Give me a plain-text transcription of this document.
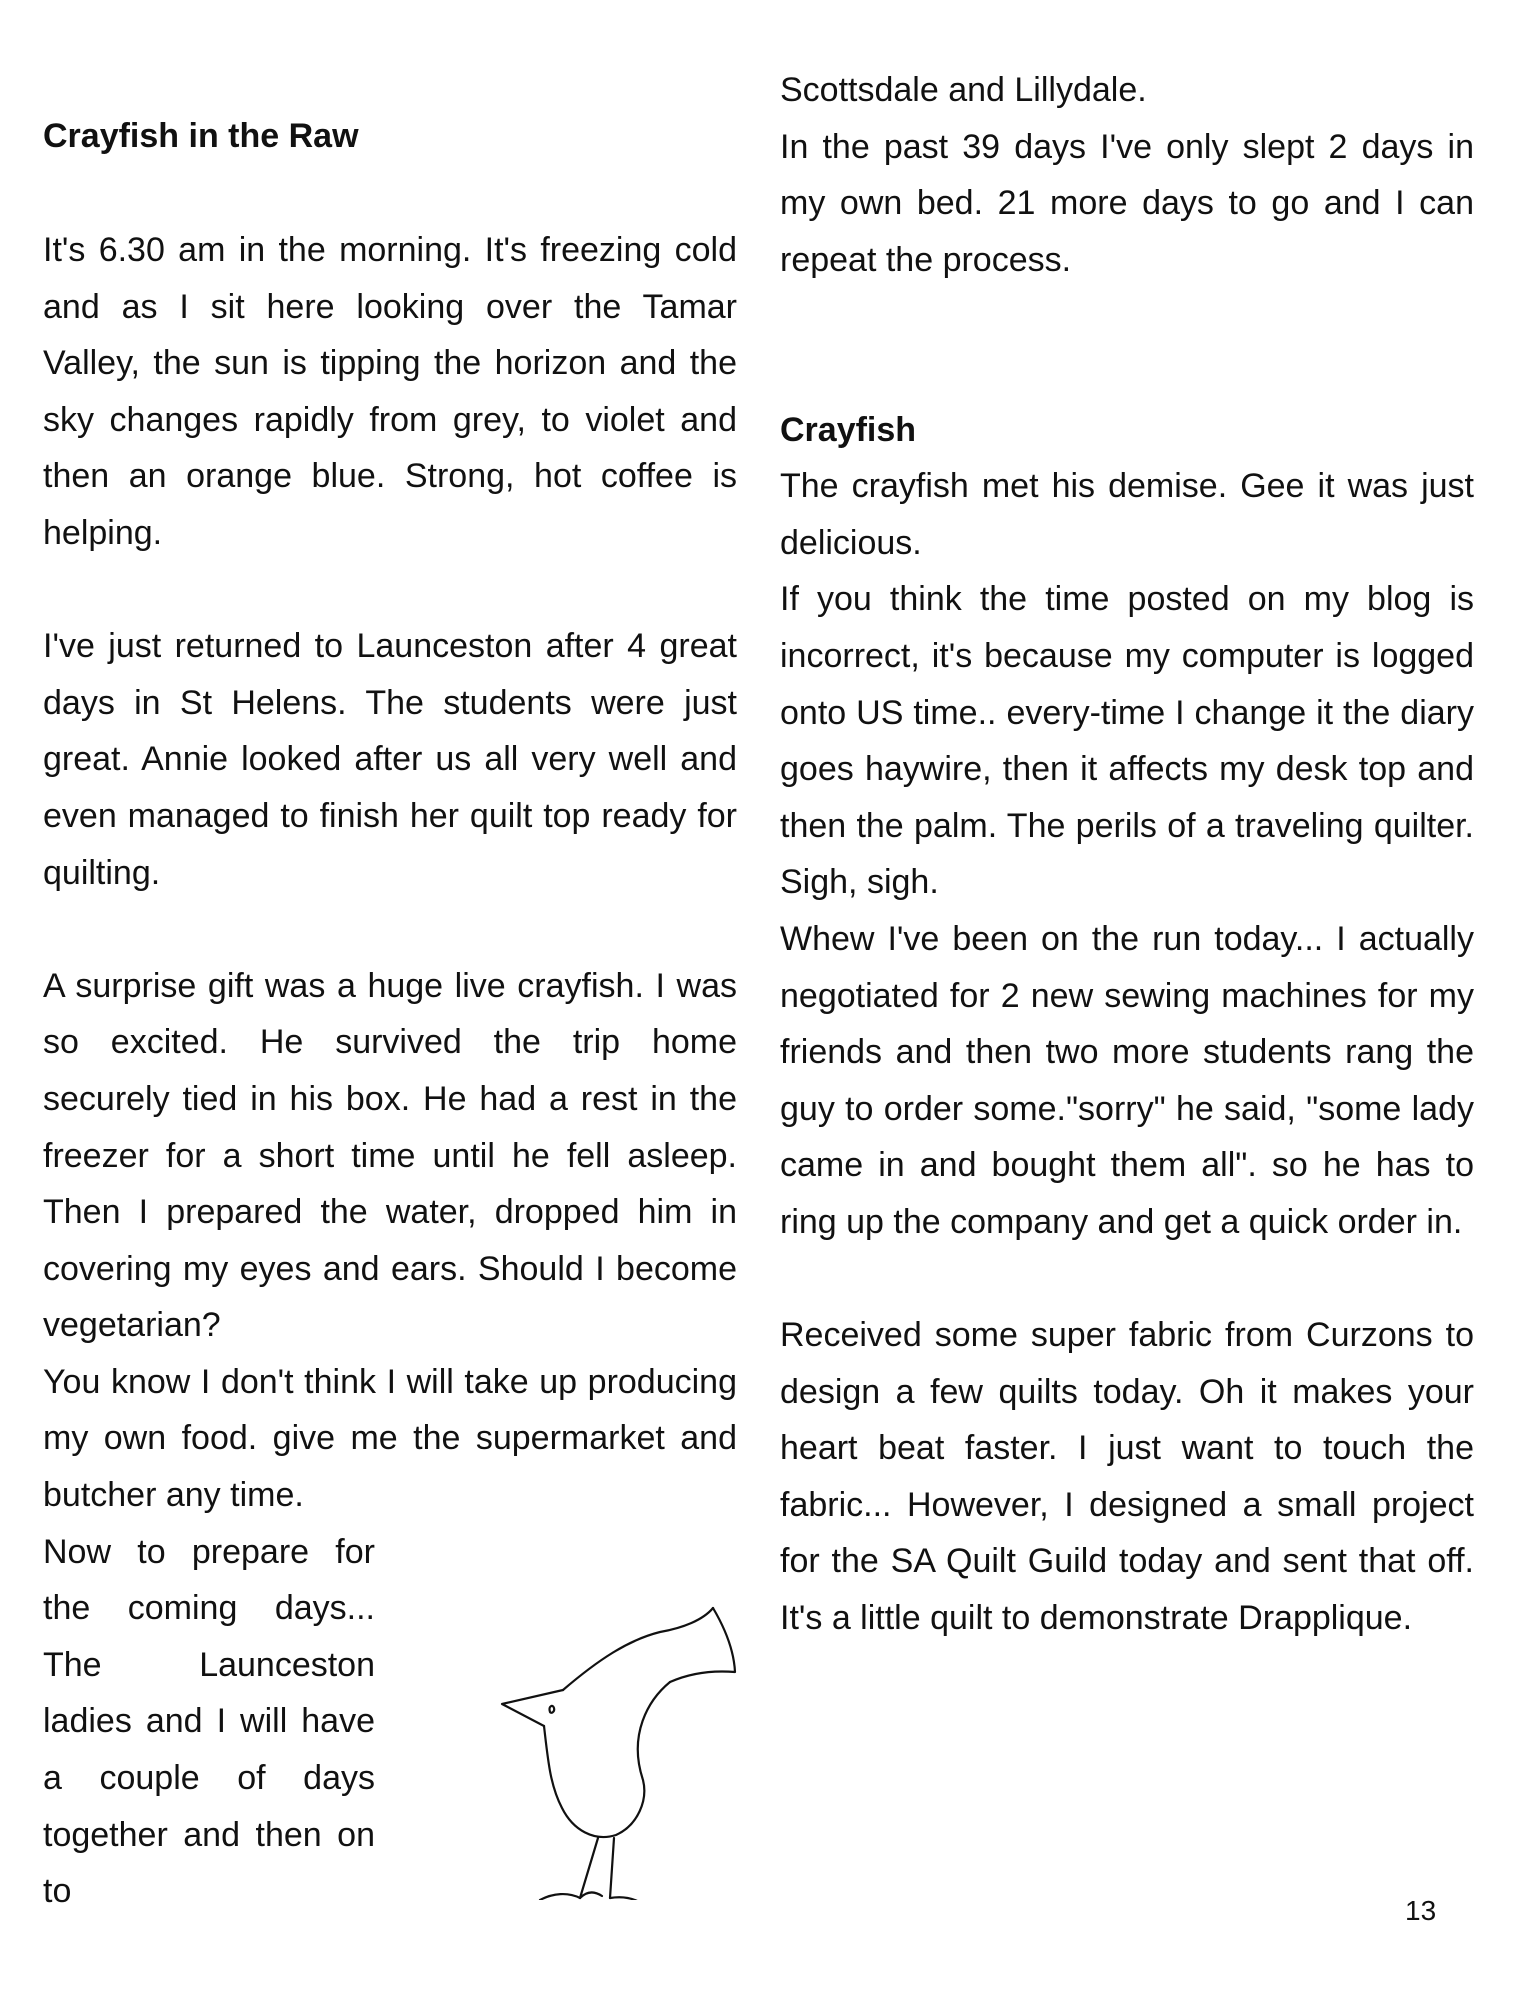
Crayfish in the Raw

It's 6.30 am in the morning. It's freezing cold and as I sit here looking over the Tamar Valley, the sun is tipping the horizon and the sky changes rapidly from grey, to violet and then an orange blue. Strong, hot coffee is helping.

I've just returned to Launceston after 4 great days in St Helens. The students were just great. Annie looked after us all very well and even managed to finish her quilt top ready for quilting.

A surprise gift was a huge live crayfish. I was so excited. He survived the trip home securely tied in his box. He had a rest in the freezer for a short time until he fell asleep. Then I prepared the water, dropped him in covering my eyes and ears. Should I become vegetarian?

You know I don't think I will take up producing my own food. give me the supermarket and butcher any time.

Now to prepare for the coming days... The Launceston ladies and I will have a couple of days together and then on to

Scottsdale and Lillydale.

In the past 39 days I've only slept 2 days in my own bed. 21 more days to go and I can repeat the process.

Crayfish

The crayfish met his demise. Gee it was just delicious.

If you think the time posted on my blog is incorrect, it's because my computer is logged onto US time.. every-time I change it the diary goes haywire, then it affects my desk top and then the palm. The perils of a traveling quilter. Sigh, sigh.

Whew I've been on the run today... I actually negotiated for 2 new sewing machines for my friends and then two more students rang the guy to order some."sorry" he said, "some lady came in and bought them all". so he has to ring up the company and get a quick order in.

Received some super fabric from Curzons to design a few quilts today. Oh it makes your heart beat faster. I just want to touch the fabric... However, I designed a small project for the SA Quilt Guild today and sent that off. It's a little quilt to demonstrate Drapplique.

13
